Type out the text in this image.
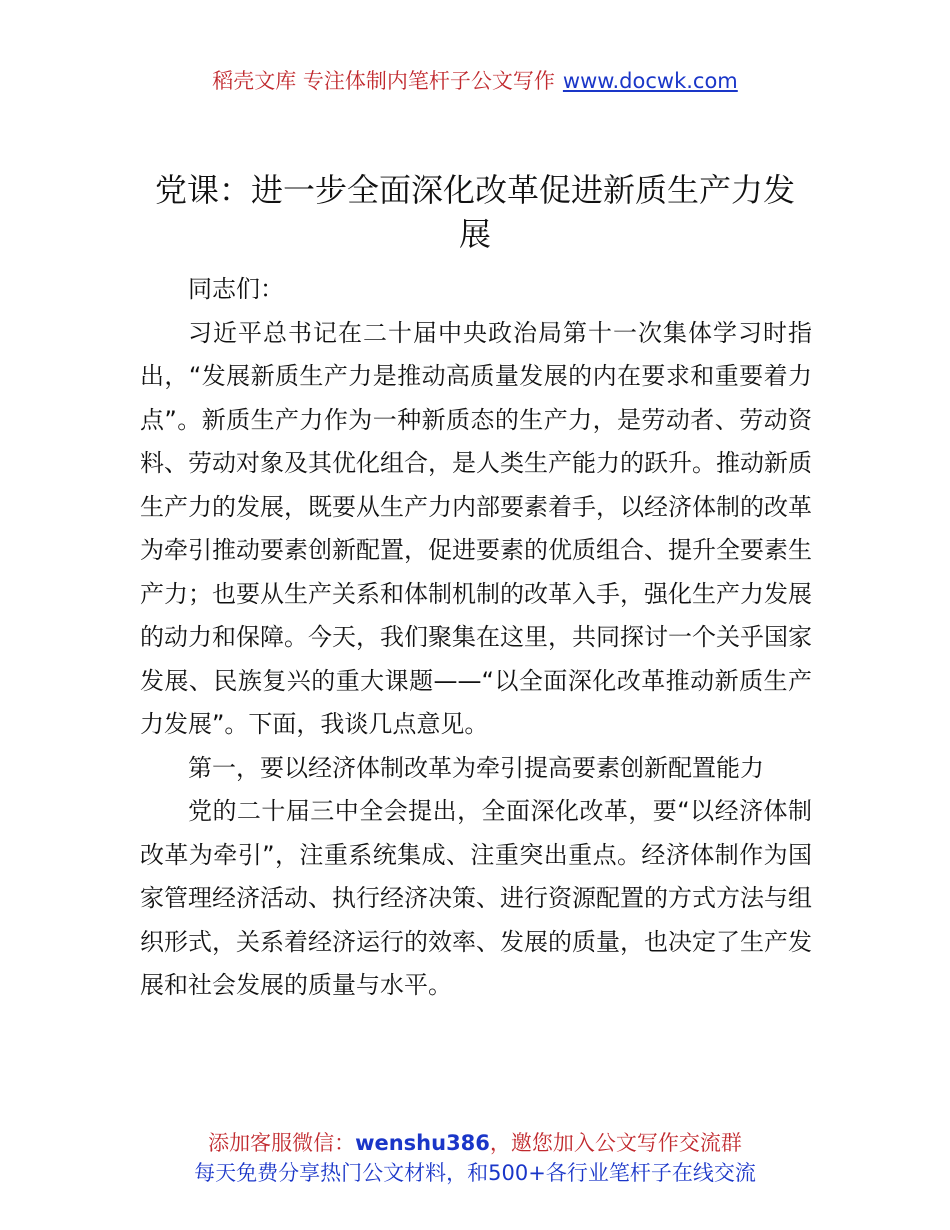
稻壳文库 专注体制内笔杆子公文写作 www.docwk.com
党课：进一步全面深化改革促进新质生产力发展

同志们：

习近平总书记在二十届中央政治局第十一次集体学习时指出，“发展新质生产力是推动高质量发展的内在要求和重要着力点”。新质生产力作为一种新质态的生产力，是劳动者、劳动资料、劳动对象及其优化组合，是人类生产能力的跃升。推动新质生产力的发展，既要从生产力内部要素着手，以经济体制的改革为牵引推动要素创新配置，促进要素的优质组合、提升全要素生产力；也要从生产关系和体制机制的改革入手，强化生产力发展的动力和保障。今天，我们聚集在这里，共同探讨一个关乎国家发展、民族复兴的重大课题——“以全面深化改革推动新质生产力发展”。下面，我谈几点意见。

第一，要以经济体制改革为牵引提高要素创新配置能力

党的二十届三中全会提出，全面深化改革，要“以经济体制改革为牵引”，注重系统集成、注重突出重点。经济体制作为国家管理经济活动、执行经济决策、进行资源配置的方式方法与组织形式，关系着经济运行的效率、发展的质量，也决定了生产发展和社会发展的质量与水平。

添加客服微信：wenshu386，邀您加入公文写作交流群
每天免费分享热门公文材料，和500+各行业笔杆子在线交流
